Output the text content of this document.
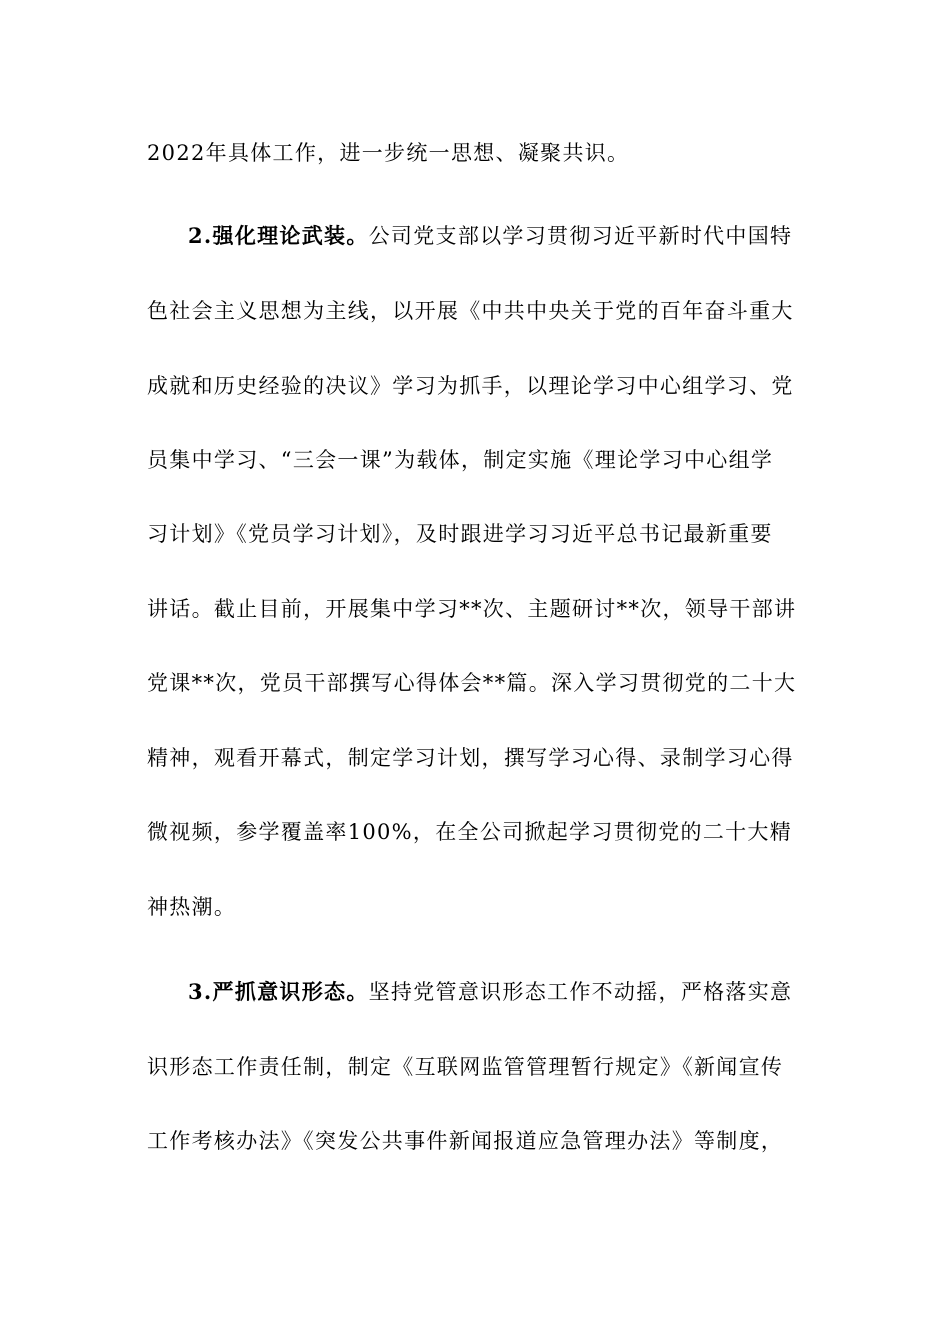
2022年具体工作，进一步统一思想、凝聚共识。
2.强化理论武装。公司党支部以学习贯彻习近平新时代中国特
色社会主义思想为主线，以开展《中共中央关于党的百年奋斗重大
成就和历史经验的决议》学习为抓手，以理论学习中心组学习、党
员集中学习、“三会一课”为载体，制定实施《理论学习中心组学
习计划》《党员学习计划》，及时跟进学习习近平总书记最新重要
讲话。截止目前，开展集中学习**次、主题研讨**次，领导干部讲
党课**次，党员干部撰写心得体会**篇。深入学习贯彻党的二十大
精神，观看开幕式，制定学习计划，撰写学习心得、录制学习心得
微视频，参学覆盖率100%，在全公司掀起学习贯彻党的二十大精
神热潮。
3.严抓意识形态。坚持党管意识形态工作不动摇，严格落实意
识形态工作责任制，制定《互联网监管管理暂行规定》《新闻宣传
工作考核办法》《突发公共事件新闻报道应急管理办法》等制度，
